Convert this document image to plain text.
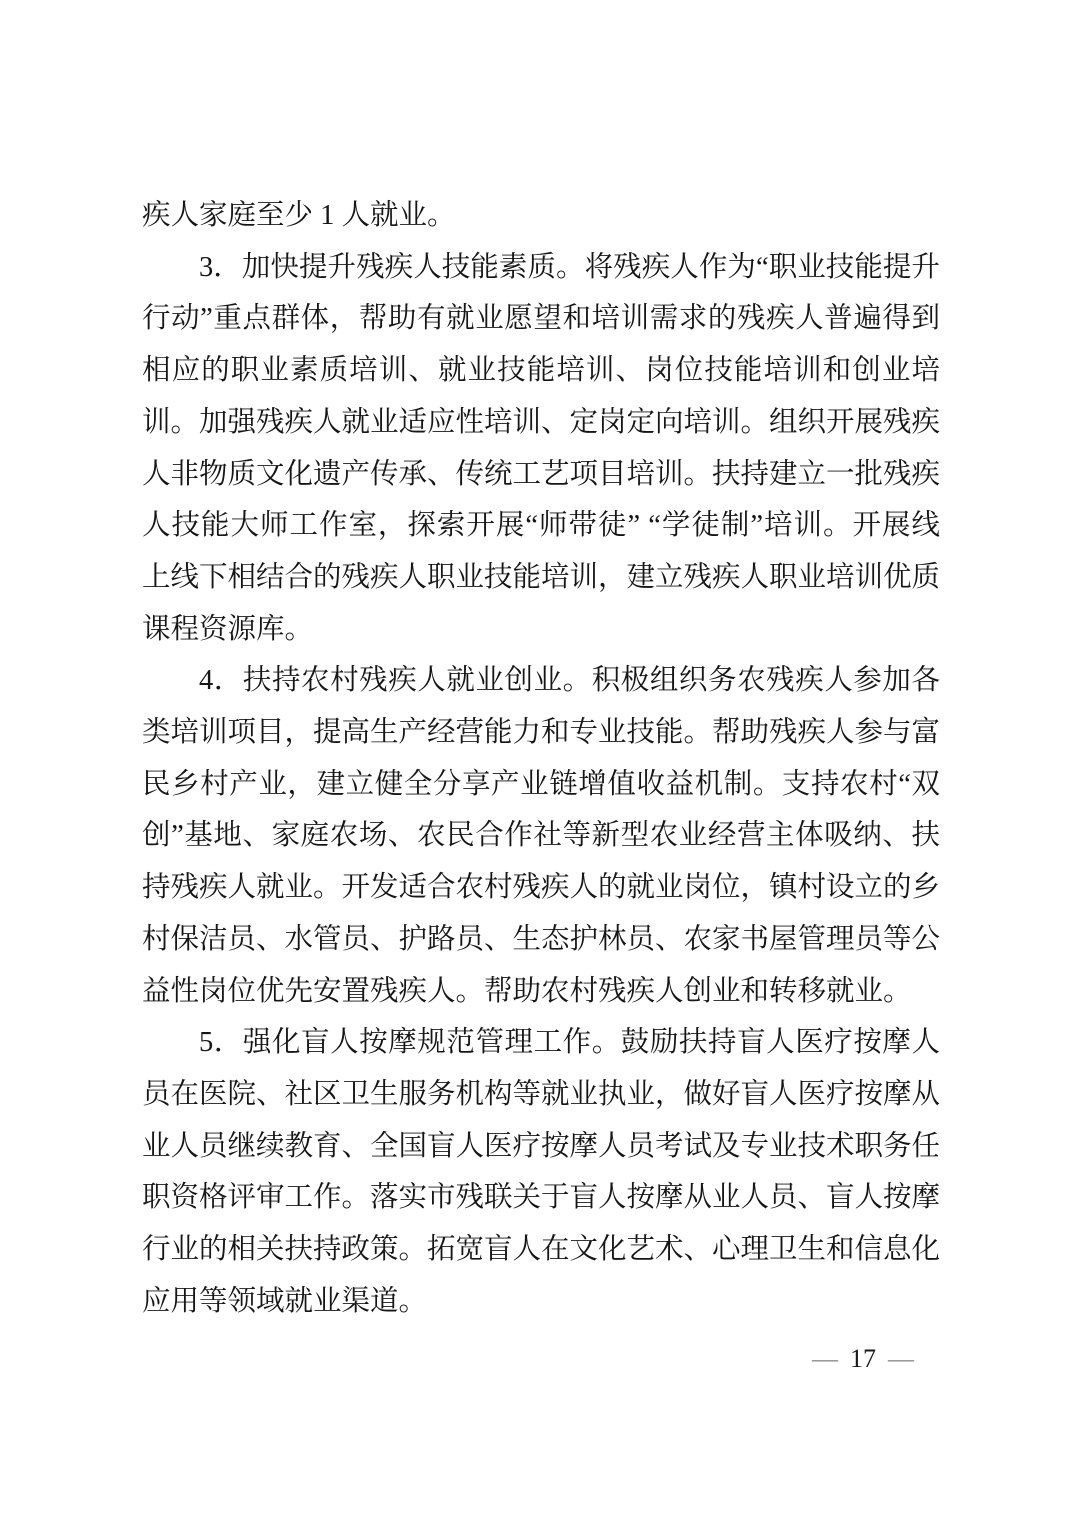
疾人家庭至少 1 人就业。

3．加快提升残疾人技能素质。将残疾人作为“职业技能提升行动”重点群体，帮助有就业愿望和培训需求的残疾人普遍得到相应的职业素质培训、就业技能培训、岗位技能培训和创业培训。加强残疾人就业适应性培训、定岗定向培训。组织开展残疾人非物质文化遗产传承、传统工艺项目培训。扶持建立一批残疾人技能大师工作室，探索开展“师带徒” “学徒制”培训。开展线上线下相结合的残疾人职业技能培训，建立残疾人职业培训优质课程资源库。

4．扶持农村残疾人就业创业。积极组织务农残疾人参加各类培训项目，提高生产经营能力和专业技能。帮助残疾人参与富民乡村产业，建立健全分享产业链增值收益机制。支持农村“双创”基地、家庭农场、农民合作社等新型农业经营主体吸纳、扶持残疾人就业。开发适合农村残疾人的就业岗位，镇村设立的乡村保洁员、水管员、护路员、生态护林员、农家书屋管理员等公益性岗位优先安置残疾人。帮助农村残疾人创业和转移就业。

5．强化盲人按摩规范管理工作。鼓励扶持盲人医疗按摩人员在医院、社区卫生服务机构等就业执业，做好盲人医疗按摩从业人员继续教育、全国盲人医疗按摩人员考试及专业技术职务任职资格评审工作。落实市残联关于盲人按摩从业人员、盲人按摩行业的相关扶持政策。拓宽盲人在文化艺术、心理卫生和信息化应用等领域就业渠道。

— 17 —
